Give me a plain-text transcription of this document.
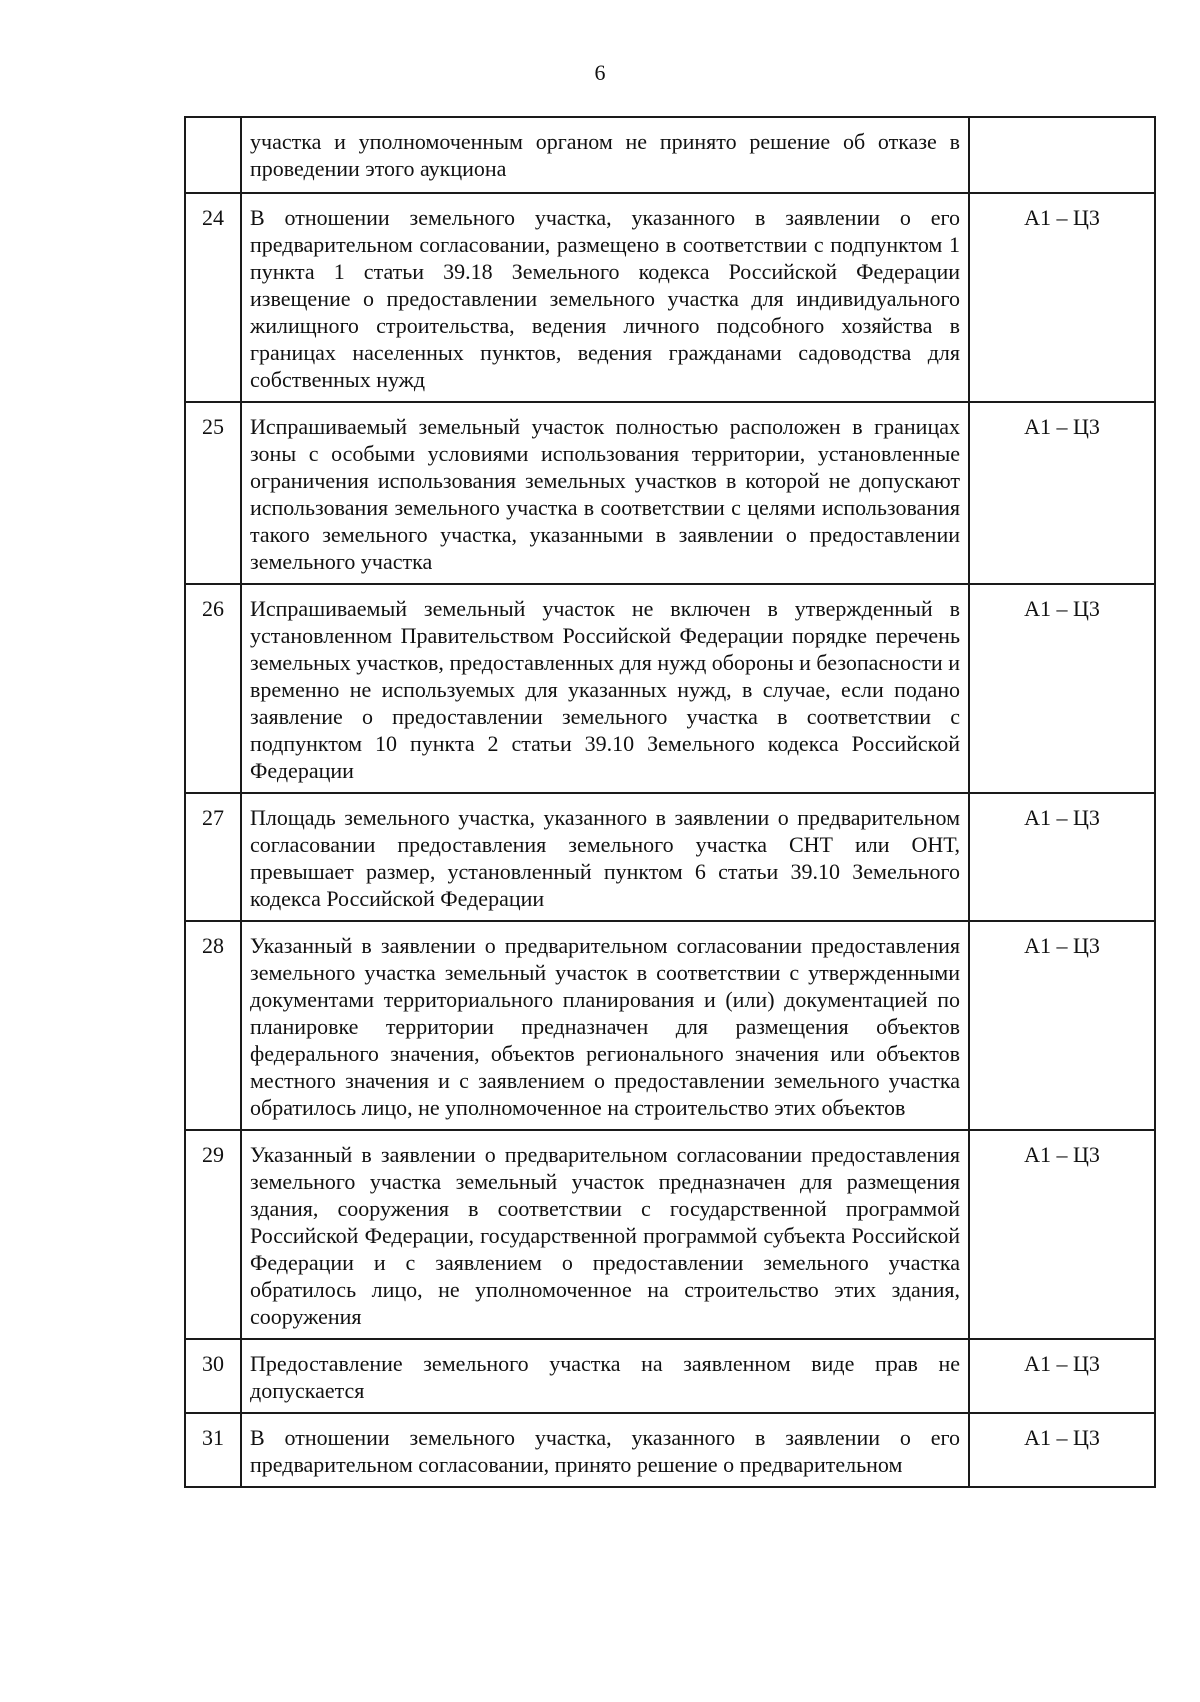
6
	участка и уполномоченным органом не принято решение об отказе в проведении этого аукциона	
24	В отношении земельного участка, указанного в заявлении о его предварительном согласовании, размещено в соответствии с подпунктом 1 пункта 1 статьи 39.18 Земельного кодекса Российской Федерации извещение о предоставлении земельного участка для индивидуального жилищного строительства, ведения личного подсобного хозяйства в границах населенных пунктов, ведения гражданами садоводства для собственных нужд	А1 – Ц3
25	Испрашиваемый земельный участок полностью расположен в границах зоны с особыми условиями использования территории, установленные ограничения использования земельных участков в которой не допускают использования земельного участка в соответствии с целями использования такого земельного участка, указанными в заявлении о предоставлении земельного участка	А1 – Ц3
26	Испрашиваемый земельный участок не включен в утвержденный в установленном Правительством Российской Федерации порядке перечень земельных участков, предоставленных для нужд обороны и безопасности и временно не используемых для указанных нужд, в случае, если подано заявление о предоставлении земельного участка в соответствии с подпунктом 10 пункта 2 статьи 39.10 Земельного кодекса Российской Федерации	А1 – Ц3
27	Площадь земельного участка, указанного в заявлении о предварительном согласовании предоставления земельного участка СНТ или ОНТ, превышает размер, установленный пунктом 6 статьи 39.10 Земельного кодекса Российской Федерации	А1 – Ц3
28	Указанный в заявлении о предварительном согласовании предоставления земельного участка земельный участок в соответствии с утвержденными документами территориального планирования и (или) документацией по планировке территории предназначен для размещения объектов федерального значения, объектов регионального значения или объектов местного значения и с заявлением о предоставлении земельного участка обратилось лицо, не уполномоченное на строительство этих объектов	А1 – Ц3
29	Указанный в заявлении о предварительном согласовании предоставления земельного участка земельный участок предназначен для размещения здания, сооружения в соответствии с государственной программой Российской Федерации, государственной программой субъекта Российской Федерации и с заявлением о предоставлении земельного участка обратилось лицо, не уполномоченное на строительство этих здания, сооружения	А1 – Ц3
30	Предоставление земельного участка на заявленном виде прав не допускается	А1 – Ц3
31	В отношении земельного участка, указанного в заявлении о его предварительном согласовании, принято решение о предварительном	А1 – Ц3
